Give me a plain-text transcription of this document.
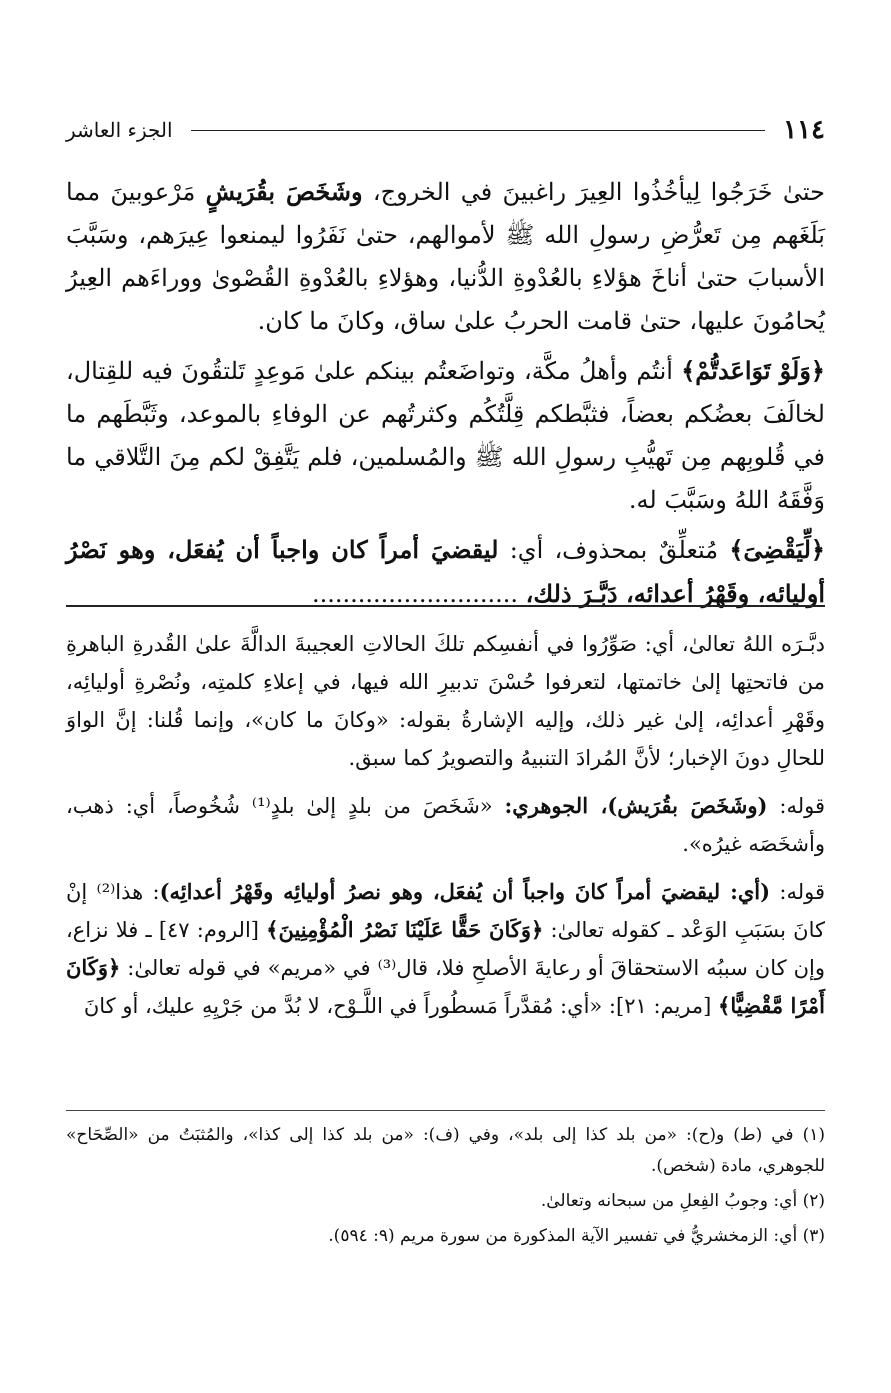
١١٤
الجزء العاشر

حتىٰ خَرَجُوا لِيأخُذُوا العِيرَ راغبينَ في الخروج، وشَخَصَ بقُرَيشٍ مَرْعوبينَ مما بَلَغَهم مِن تَعرُّضِ رسولِ الله ﷺ لأموالهم، حتىٰ نَفَرُوا ليمنعوا عِيرَهم، وسَبَّبَ الأسبابَ حتىٰ أناخَ هؤلاءِ بالعُدْوةِ الدُّنيا، وهؤلاءِ بالعُدْوةِ القُصْوىٰ ووراءَهم العِيرُ يُحامُونَ عليها، حتىٰ قامت الحربُ علىٰ ساق، وكانَ ما كان.

﴿وَلَوْ تَوَاعَدتُّمْ﴾ أنتُم وأهلُ مكَّة، وتواضَعتُم بينكم علىٰ مَوعِدٍ تَلتقُونَ فيه للقِتال، لخالَفَ بعضُكم بعضاً، فثبَّطكم قِلَّتُكُم وكثرتُهم عن الوفاءِ بالموعد، وثَبَّطَهم ما في قُلوبِهم مِن تَهيُّبِ رسولِ الله ﷺ والمُسلمين، فلم يَتَّفِقْ لكم مِنَ التَّلاقي ما وَفَّقَهُ اللهُ وسَبَّبَ له.

﴿لِّيَقْضِىَ﴾ مُتعلِّقٌ بمحذوف، أي: ليقضيَ أمراً كان واجباً أن يُفعَل، وهو نَصْرُ أوليائه، وقَهْرُ أعدائه، دَبَّـرَ ذلك، ...........................

دبَّـرَه اللهُ تعالىٰ، أي: صَوِّرُوا في أنفسِكم تلكَ الحالاتِ العجيبةَ الدالَّةَ علىٰ القُدرةِ الباهرةِ من فاتحتِها إلىٰ خاتمتها، لتعرفوا حُسْنَ تدبيرِ الله فيها، في إعلاءِ كلمتِه، ونُصْرةِ أوليائِه، وقَهْرِ أعدائِه، إلىٰ غير ذلك، وإليه الإشارةُ بقوله: «وكانَ ما كان»، وإنما قُلنا: إنَّ الواوَ للحالِ دونَ الإخبار؛ لأنَّ المُرادَ التنبيهُ والتصويرُ كما سبق.

قوله: (وشَخَصَ بقُرَيش)، الجوهري: «شَخَصَ من بلدٍ إلىٰ بلدٍ⁽¹⁾ شُخُوصاً، أي: ذهب، وأشخَصَه غيرُه».

قوله: (أي: ليقضيَ أمراً كانَ واجباً أن يُفعَل، وهو نصرُ أوليائِه وقَهْرُ أعدائِه): هذا⁽²⁾ إنْ كانَ بسَبَبِ الوَعْد ـ كقوله تعالىٰ: ﴿وَكَانَ حَقًّا عَلَيْنَا نَصْرُ الْمُؤْمِنِينَ﴾ [الروم: ٤٧] ـ فلا نزاع، وإن كان سببُه الاستحقاقَ أو رعايةَ الأصلحِ فلا، قال⁽³⁾ في «مريم» في قوله تعالىٰ: ﴿وَكَانَ أَمْرًا مَّقْضِيًّا﴾ [مريم: ٢١]: «أي: مُقدَّراً مَسطُوراً في اللَّـوْح، لا بُدَّ من جَرْيِهِ عليك، أو كانَ

(١) في (ط) و(ح): «من بلد كذا إلى بلد»، وفي (ف): «من بلد كذا إلى كذا»، والمُثبَتُ من «الصِّحَاح» للجوهري، مادة (شخص).

(٢) أي: وجوبُ الفِعلِ من سبحانه وتعالىٰ.

(٣) أي: الزمخشريُّ في تفسير الآية المذكورة من سورة مريم (٩: ٥٩٤).
